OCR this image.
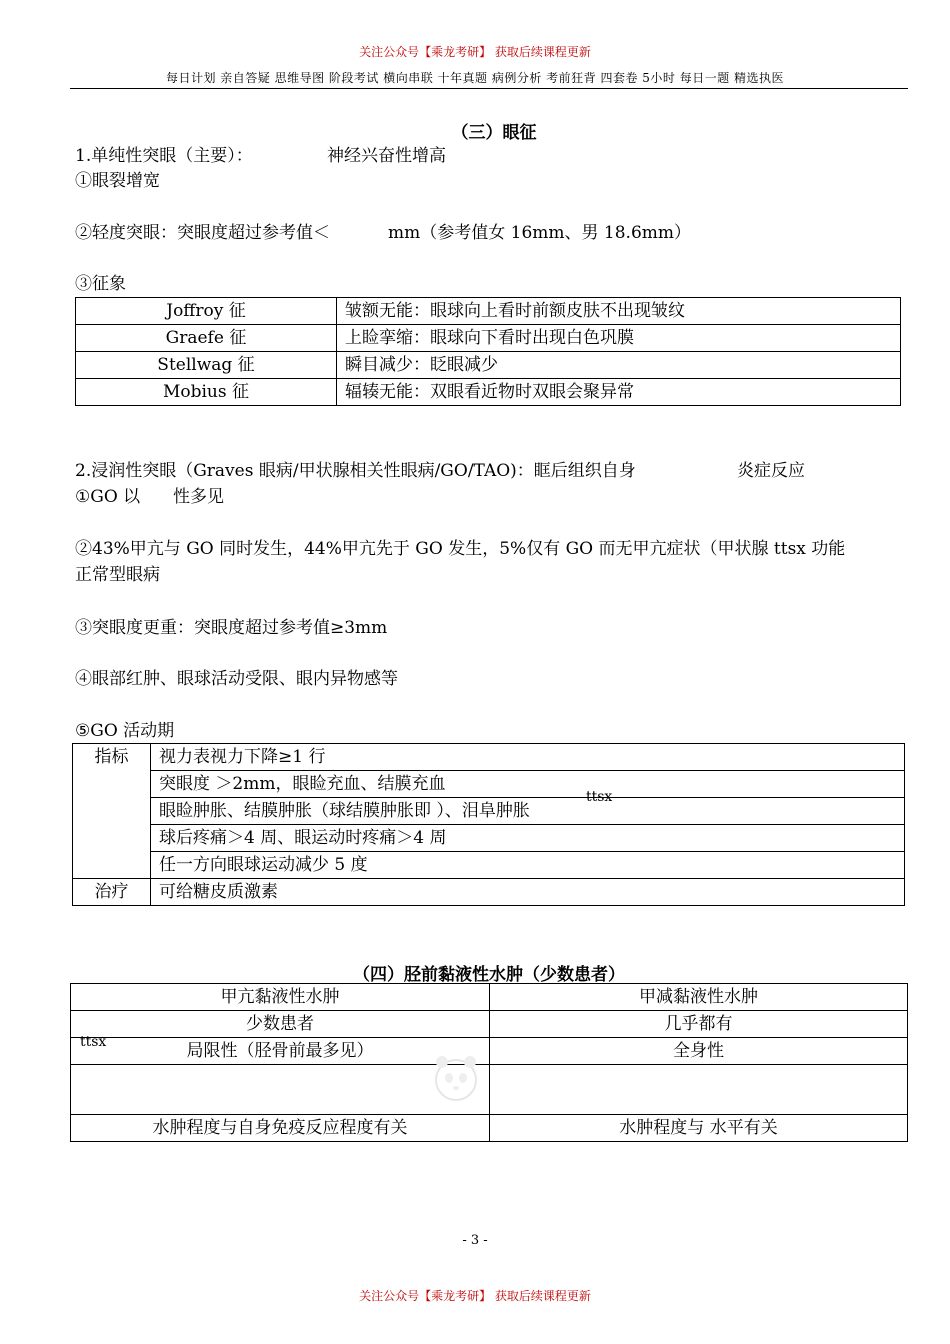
关注公众号【乘龙考研】 获取后续课程更新
每日计划 亲自答疑 思维导图 阶段考试 横向串联 十年真题 病例分析 考前狂背 四套卷 5小时 每日一题 精选执医
（三）眼征
1.单纯性突眼（主要）：	神经兴奋性增高
①眼裂增宽
②轻度突眼：突眼度超过参考值＜	mm（参考值女 16mm、男 18.6mm）
③征象
Joffroy 征	皱额无能：眼球向上看时前额皮肤不出现皱纹
Graefe 征	上睑挛缩：眼球向下看时出现白色巩膜
Stellwag 征	瞬目减少：眨眼减少
Mobius 征	辐辏无能：双眼看近物时双眼会聚异常
2.浸润性突眼（Graves 眼病/甲状腺相关性眼病/GO/TAO)：眶后组织自身	炎症反应
①GO 以 性多见
②43%甲亢与 GO 同时发生，44%甲亢先于 GO 发生，5%仅有 GO 而无甲亢症状（甲状腺 ttsx 功能
正常型眼病
③突眼度更重：突眼度超过参考值≥3mm
④眼部红肿、眼球活动受限、眼内异物感等
⑤GO 活动期
指标	视力表视力下降≥1 行
	突眼度 ＞2mm，眼睑充血、结膜充血
	眼睑肿胀、结膜肿胀（球结膜肿胀即 ）、泪阜肿胀
	球后疼痛＞4 周、眼运动时疼痛＞4 周
	任一方向眼球运动减少 5 度
治疗	可给糖皮质激素
ttsx
（四）胫前黏液性水肿（少数患者）
甲亢黏液性水肿	甲减黏液性水肿
少数患者	几乎都有
局限性（胫骨前最多见）	全身性

水肿程度与自身免疫反应程度有关	水肿程度与 水平有关
ttsx
- 3 -
关注公众号【乘龙考研】 获取后续课程更新
